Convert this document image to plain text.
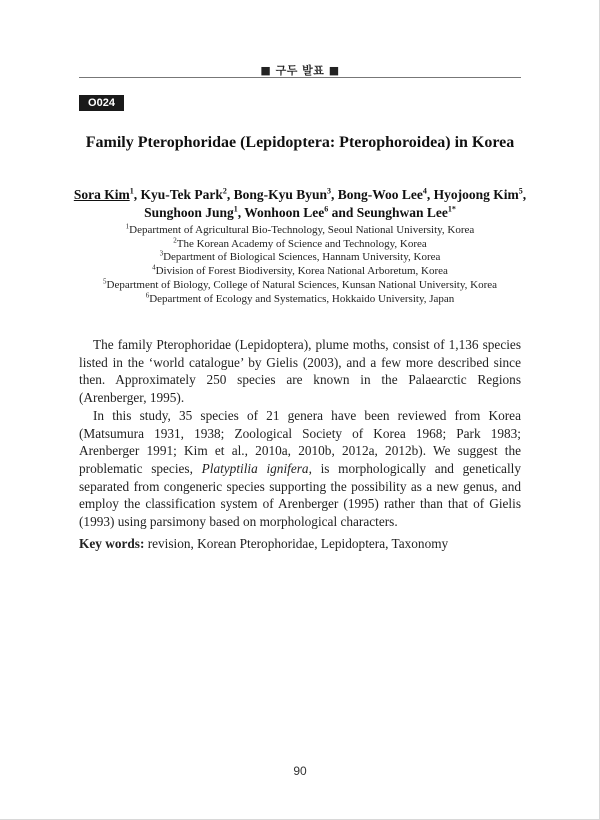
■ 구두 발표 ■
O024
Family Pterophoridae (Lepidoptera: Pterophoroidea) in Korea
Sora Kim$^1$, Kyu-Tek Park$^2$, Bong-Kyu Byun$^3$, Bong-Woo Lee$^4$, Hyojoong Kim$^5$,
Sunghoon Jung$^1$, Wonhoon Lee$^6$ and Seunghwan Lee$^{1*}$
$^1$Department of Agricultural Bio-Technology, Seoul National University, Korea
$^2$The Korean Academy of Science and Technology, Korea
$^3$Department of Biological Sciences, Hannam University, Korea
$^4$Division of Forest Biodiversity, Korea National Arboretum, Korea
$^5$Department of Biology, College of Natural Sciences, Kunsan National University, Korea
$^6$Department of Ecology and Systematics, Hokkaido University, Japan

The family Pterophoridae (Lepidoptera), plume moths, consist of 1,136 species listed in the ‘world catalogue’ by Gielis (2003), and a few more described since then. Approximately 250 species are known in the Palaearctic Regions (Arenberger, 1995).

In this study, 35 species of 21 genera have been reviewed from Korea (Matsumura 1931, 1938; Zoological Society of Korea 1968; Park 1983; Arenberger 1991; Kim et al., 2010a, 2010b, 2012a, 2012b). We suggest the problematic species, Platyptilia ignifera, is morphologically and genetically separated from congeneric species supporting the possibility as a new genus, and employ the classification system of Arenberger (1995) rather than that of Gielis (1993) using parsimony based on morphological characters.

Key words: revision, Korean Pterophoridae, Lepidoptera, Taxonomy
90
